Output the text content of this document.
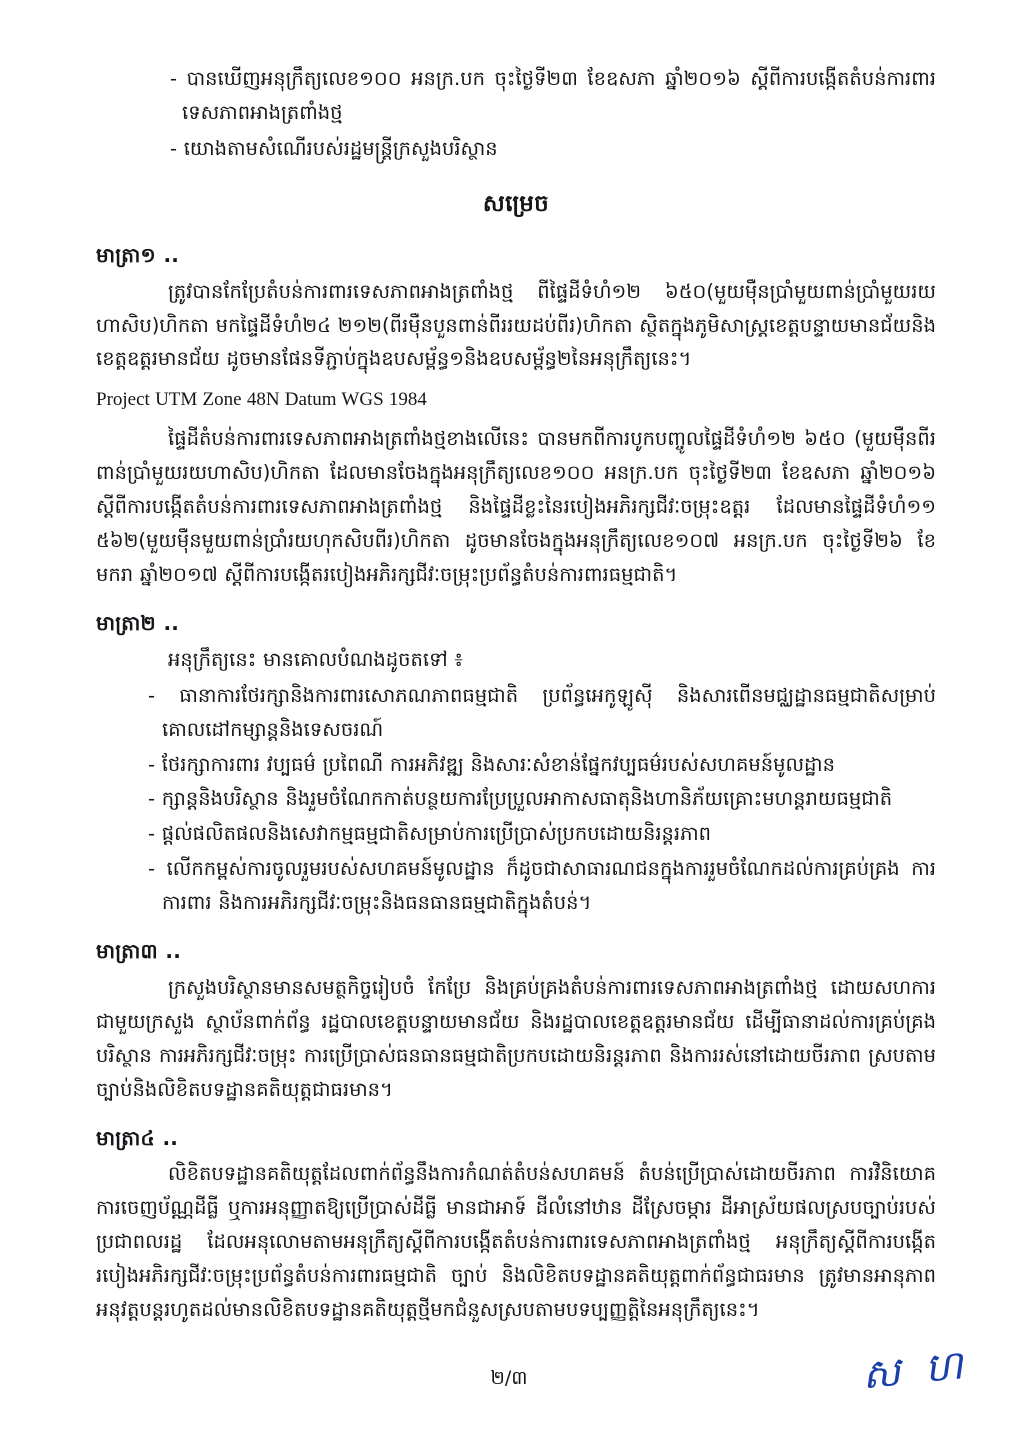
- បានឃើញអនុក្រឹត្យលេខ១០០ អនក្រ.បក ចុះថ្ងៃទី២៣ ខែឧសភា ឆ្នាំ២០១៦ ស្ដីពីការបង្កើតតំបន់ការពារទេសភាពអាងត្រពាំងថ្ម
- យោងតាមសំណើរបស់រដ្ឋមន្ត្រីក្រសួងបរិស្ថាន
សម្រេច
មាត្រា១ ..

ត្រូវបានកែប្រែតំបន់ការពារទេសភាពអាងត្រពាំងថ្ម ពីផ្ទៃដីទំហំ១២ ៦៥០(មួយម៉ឺនប្រាំមួយពាន់ប្រាំមួយរយហាសិប)ហិកតា មកផ្ទៃដីទំហំ២៤ ២១២(ពីរម៉ឺនបួនពាន់ពីររយដប់ពីរ)ហិកតា ស្ថិតក្នុងភូមិសាស្ត្រខេត្តបន្ទាយមានជ័យនិងខេត្តឧត្តរមានជ័យ ដូចមានផែនទីភ្ជាប់ក្នុងឧបសម្ព័ន្ធ១និងឧបសម្ព័ន្ធ២នៃអនុក្រឹត្យនេះ។

Project UTM Zone 48N Datum WGS 1984

ផ្ទៃដីតំបន់ការពារទេសភាពអាងត្រពាំងថ្មខាងលើនេះ បានមកពីការបូកបញ្ចូលផ្ទៃដីទំហំ១២ ៦៥០ (មួយម៉ឺនពីរពាន់ប្រាំមួយរយហាសិប)ហិកតា ដែលមានចែងក្នុងអនុក្រឹត្យលេខ១០០ អនក្រ.បក ចុះថ្ងៃទី២៣ ខែឧសភា ឆ្នាំ២០១៦ ស្ដីពីការបង្កើតតំបន់ការពារទេសភាពអាងត្រពាំងថ្ម និងផ្ទៃដីខ្លះនៃរបៀងអភិរក្សជីវៈចម្រុះឧត្តរ ដែលមានផ្ទៃដីទំហំ១១ ៥៦២(មួយម៉ឺនមួយពាន់ប្រាំរយហុកសិបពីរ)ហិកតា ដូចមានចែងក្នុងអនុក្រឹត្យលេខ១០៧ អនក្រ.បក ចុះថ្ងៃទី២៦ ខែមករា ឆ្នាំ២០១៧ ស្ដីពីការបង្កើតរបៀងអភិរក្សជីវៈចម្រុះប្រព័ន្ធតំបន់ការពារធម្មជាតិ។

មាត្រា២ ..

អនុក្រឹត្យនេះ មានគោលបំណងដូចតទៅ ៖

- ធានាការថែរក្សានិងការពារសោភណភាពធម្មជាតិ ប្រព័ន្ធអេកូឡូស៊ី និងសារពើនមជ្ឈដ្ឋានធម្មជាតិសម្រាប់គោលដៅកម្សាន្តនិងទេសចរណ៍
- ថែរក្សាការពារ វប្បធម៌ ប្រពៃណី ការអភិវឌ្ឍ និងសារៈសំខាន់ផ្នែកវប្បធម៌របស់សហគមន៍មូលដ្ឋាន
- ក្សាន្តនិងបរិស្ថាន និងរួមចំណែកកាត់បន្ថយការប្រែប្រួលអាកាសធាតុនិងហានិភ័យគ្រោះមហន្តរាយធម្មជាតិ
- ផ្ដល់ផលិតផលនិងសេវាកម្មធម្មជាតិសម្រាប់ការប្រើប្រាស់ប្រកបដោយនិរន្តរភាព
- លើកកម្ពស់ការចូលរួមរបស់សហគមន៍មូលដ្ឋាន ក៏ដូចជាសាធារណជនក្នុងការរួមចំណែកដល់ការគ្រប់គ្រង ការការពារ និងការអភិរក្សជីវៈចម្រុះនិងធនធានធម្មជាតិក្នុងតំបន់។
មាត្រា៣ ..

ក្រសួងបរិស្ថានមានសមត្ថកិច្ចរៀបចំ កែប្រែ និងគ្រប់គ្រងតំបន់ការពារទេសភាពអាងត្រពាំងថ្ម ដោយសហការជាមួយក្រសួង ស្ថាប័នពាក់ព័ន្ធ រដ្ឋបាលខេត្តបន្ទាយមានជ័យ និងរដ្ឋបាលខេត្តឧត្តរមានជ័យ ដើម្បីធានាដល់ការគ្រប់គ្រងបរិស្ថាន ការអភិរក្សជីវៈចម្រុះ ការប្រើប្រាស់ធនធានធម្មជាតិប្រកបដោយនិរន្តរភាព និងការរស់នៅដោយចីរភាព ស្របតាមច្បាប់និងលិខិតបទដ្ឋានគតិយុត្តជាធរមាន។

មាត្រា៤ ..

លិខិតបទដ្ឋានគតិយុត្តដែលពាក់ព័ន្ធនឹងការកំណត់តំបន់សហគមន៍ តំបន់ប្រើប្រាស់ដោយចីរភាព ការវិនិយោគ ការចេញប័ណ្ណដីធ្លី ឬការអនុញ្ញាតឱ្យប្រើប្រាស់ដីធ្លី មានជាអាទ៍ ដីលំនៅឋាន ដីស្រែចម្ការ ដីអាស្រ័យផលស្របច្បាប់របស់ប្រជាពលរដ្ឋ ដែលអនុលោមតាមអនុក្រឹត្យស្ដីពីការបង្កើតតំបន់ការពារទេសភាពអាងត្រពាំងថ្ម អនុក្រឹត្យស្ដីពីការបង្កើតរបៀងអភិរក្សជីវៈចម្រុះប្រព័ន្ធតំបន់ការពារធម្មជាតិ ច្បាប់ និងលិខិតបទដ្ឋានគតិយុត្តពាក់ព័ន្ធជាធរមាន ត្រូវមានអានុភាពអនុវត្តបន្តរហូតដល់មានលិខិតបទដ្ឋានគតិយុត្តថ្មីមកជំនួសស្របតាមបទប្បញ្ញត្តិនៃអនុក្រឹត្យនេះ។

២/៣	ស ហ
